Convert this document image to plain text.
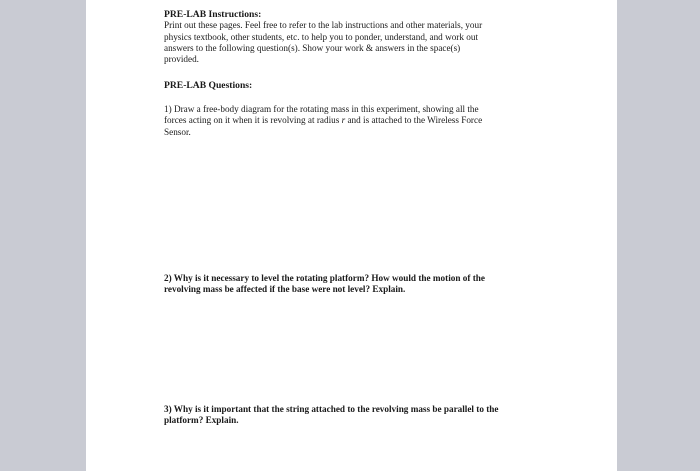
PRE-LAB Instructions:

Print out these pages. Feel free to refer to the lab instructions and other materials, your

physics textbook, other students, etc. to help you to ponder, understand, and work out

answers to the following question(s). Show your work & answers in the space(s)

provided.

PRE-LAB Questions:

1) Draw a free-body diagram for the rotating mass in this experiment, showing all the

forces acting on it when it is revolving at radius r and is attached to the Wireless Force

Sensor.

2) Why is it necessary to level the rotating platform? How would the motion of the

revolving mass be affected if the base were not level? Explain.

3) Why is it important that the string attached to the revolving mass be parallel to the

platform? Explain.
